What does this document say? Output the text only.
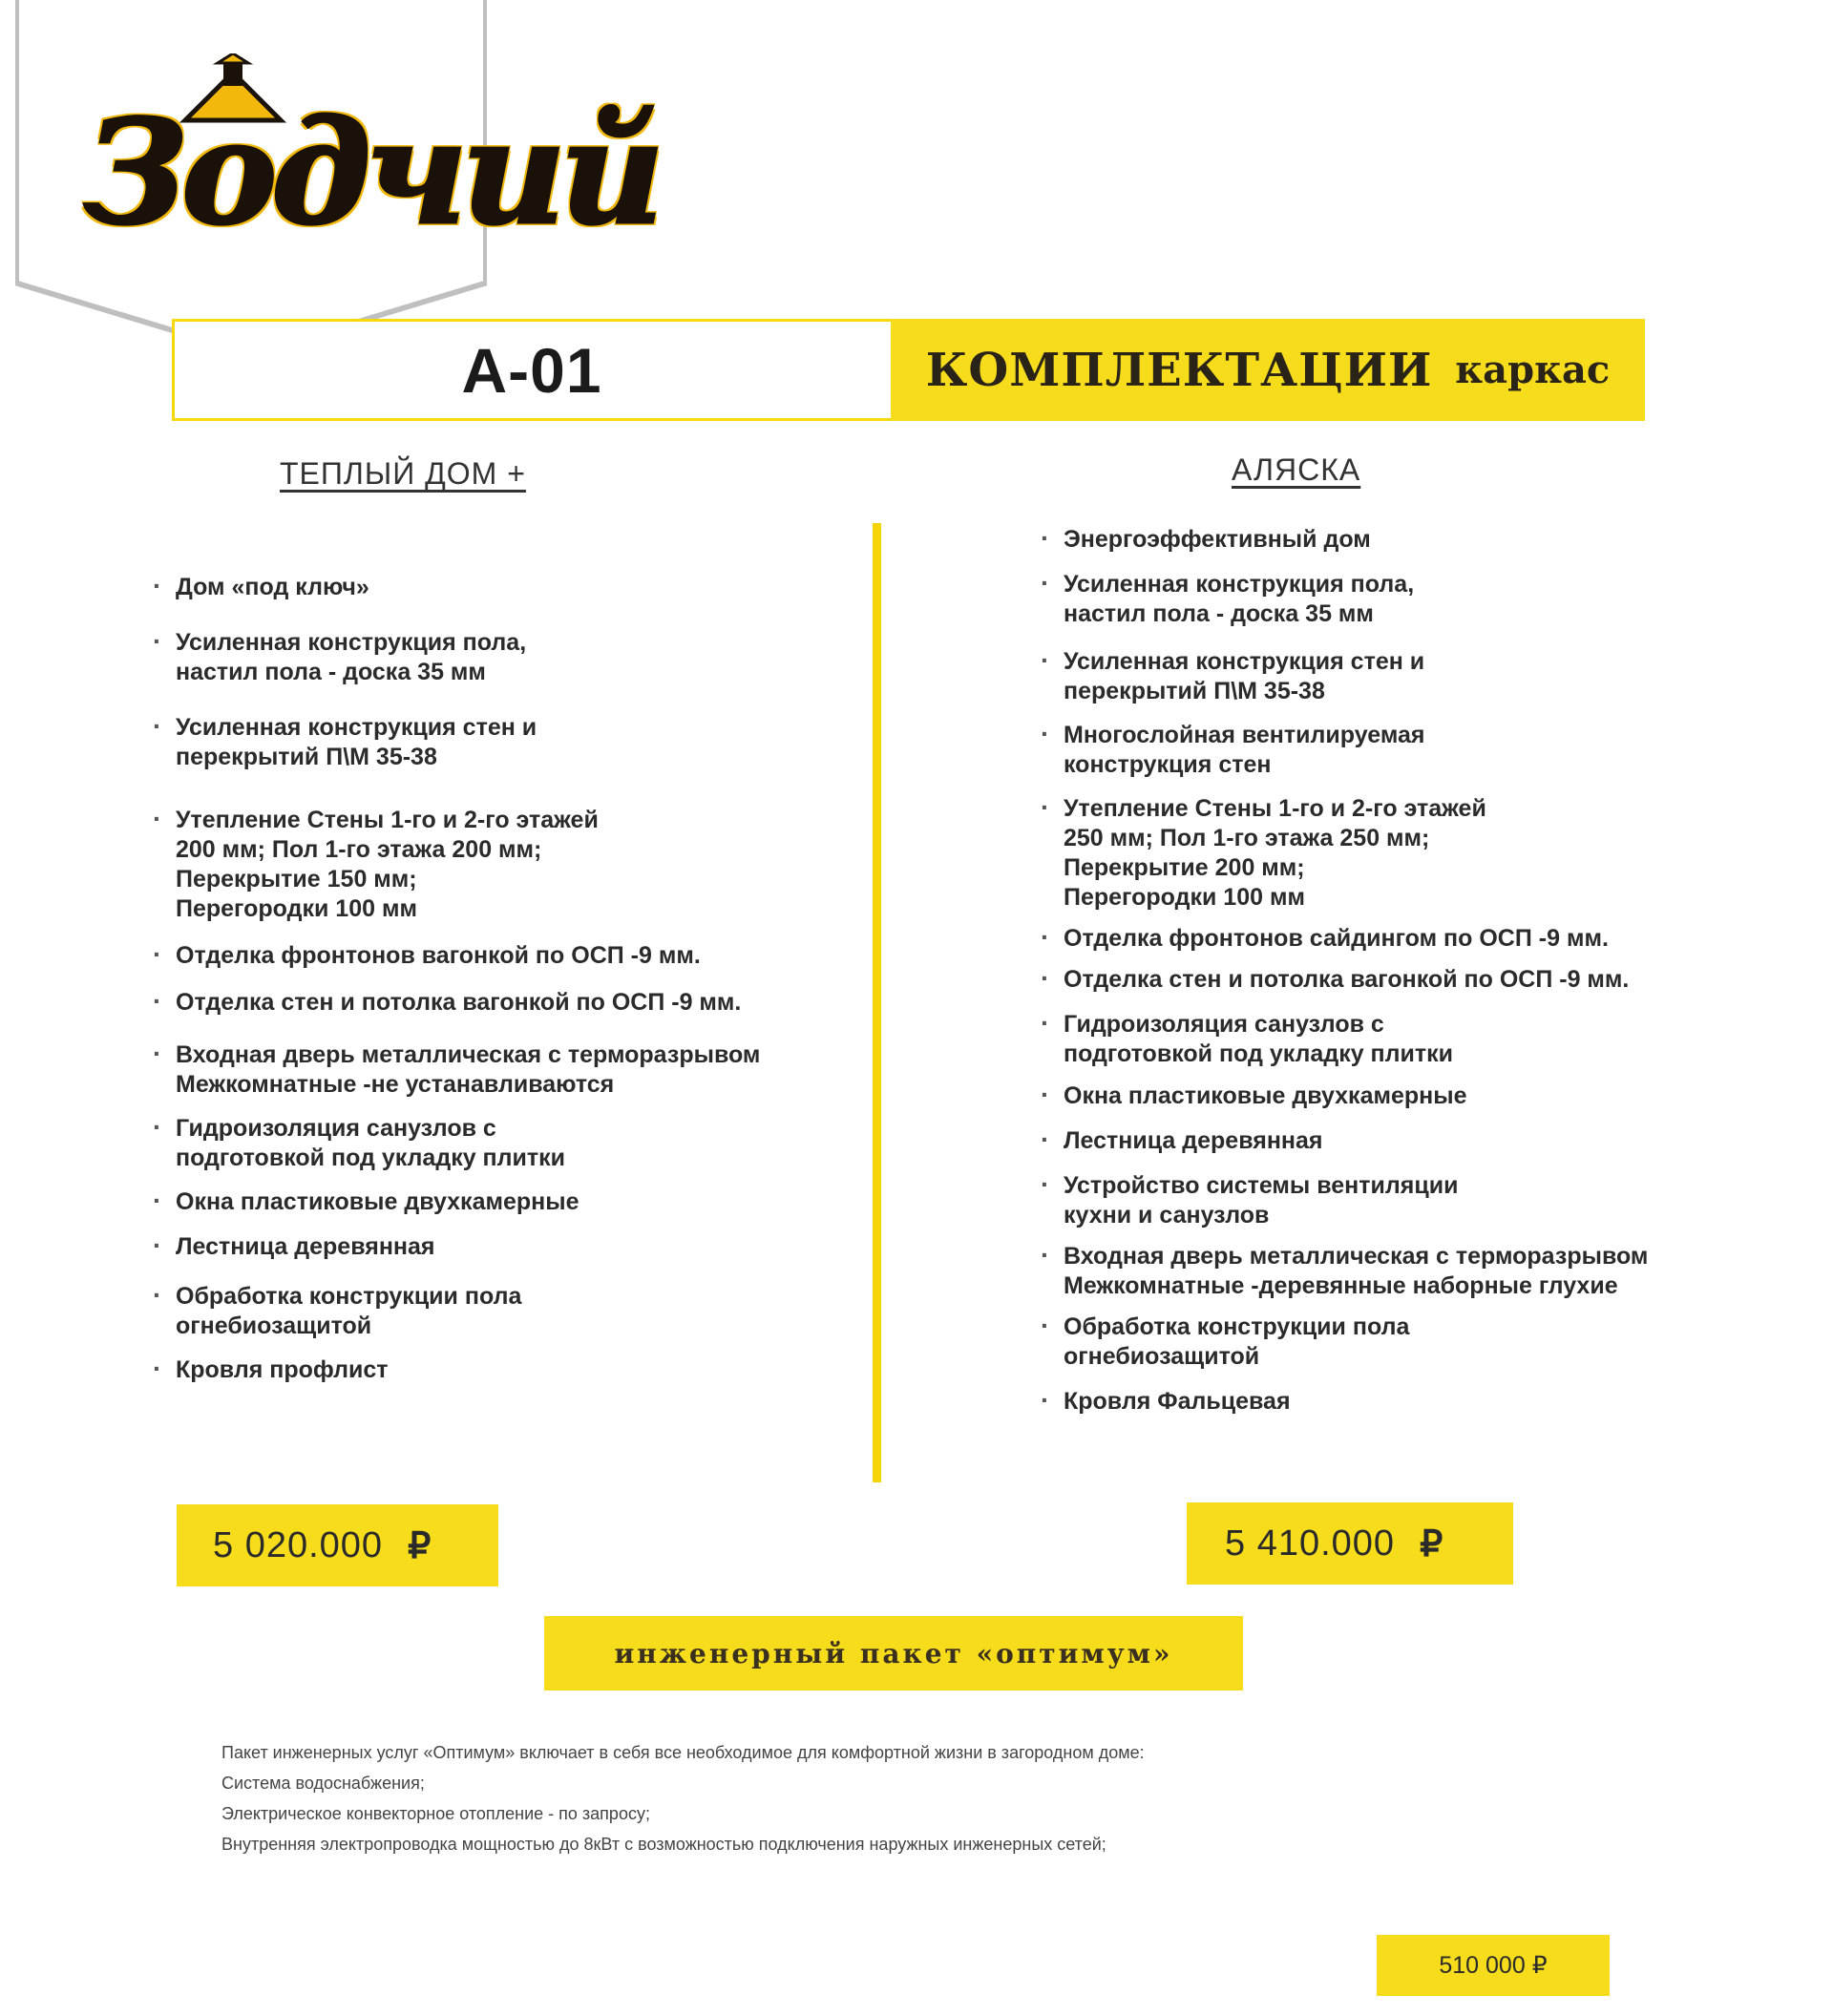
Зодчий
А-01	КОМПЛЕКТАЦИИ каркас
ТЕПЛЫЙ ДОМ +	АЛЯСКА
· Дом «под ключ»
· Усиленная конструкция пола,
настил пола - доска 35 мм
· Усиленная конструкция стен и
перекрытий П\М 35-38
· Утепление Стены 1-го и 2-го этажей
200 мм; Пол 1-го этажа 200 мм;
Перекрытие 150 мм;
Перегородки 100 мм
· Отделка фронтонов вагонкой по ОСП -9 мм.
· Отделка стен и потолка вагонкой по ОСП -9 мм.
· Входная дверь металлическая с терморазрывом
Межкомнатные -не устанавливаются
· Гидроизоляция санузлов с
подготовкой под укладку плитки
· Окна пластиковые двухкамерные
· Лестница деревянная
· Обработка конструкции пола
огнебиозащитой
· Кровля профлист
· Энергоэффективный дом
· Усиленная конструкция пола,
настил пола - доска 35 мм
· Усиленная конструкция стен и
перекрытий П\М 35-38
· Многослойная вентилируемая
конструкция стен
· Утепление Стены 1-го и 2-го этажей
250 мм; Пол 1-го этажа 250 мм;
Перекрытие 200 мм;
Перегородки 100 мм
· Отделка фронтонов сайдингом по ОСП -9 мм.
· Отделка стен и потолка вагонкой по ОСП -9 мм.
· Гидроизоляция санузлов с
подготовкой под укладку плитки
· Окна пластиковые двухкамерные
· Лестница деревянная
· Устройство системы вентиляции
кухни и санузлов
· Входная дверь металлическая с терморазрывом
Межкомнатные -деревянные наборные глухие
· Обработка конструкции пола
огнебиозащитой
· Кровля Фальцевая
5 020.000 ₽	5 410.000 ₽
инженерный пакет «оптимум»
Пакет инженерных услуг «Оптимум» включает в себя все необходимое для комфортной жизни в загородном доме:
Система водоснабжения;
Электрическое конвекторное отопление - по запросу;
Внутренняя электропроводка мощностью до 8кВт с возможностью подключения наружных инженерных сетей;
510 000 ₽
